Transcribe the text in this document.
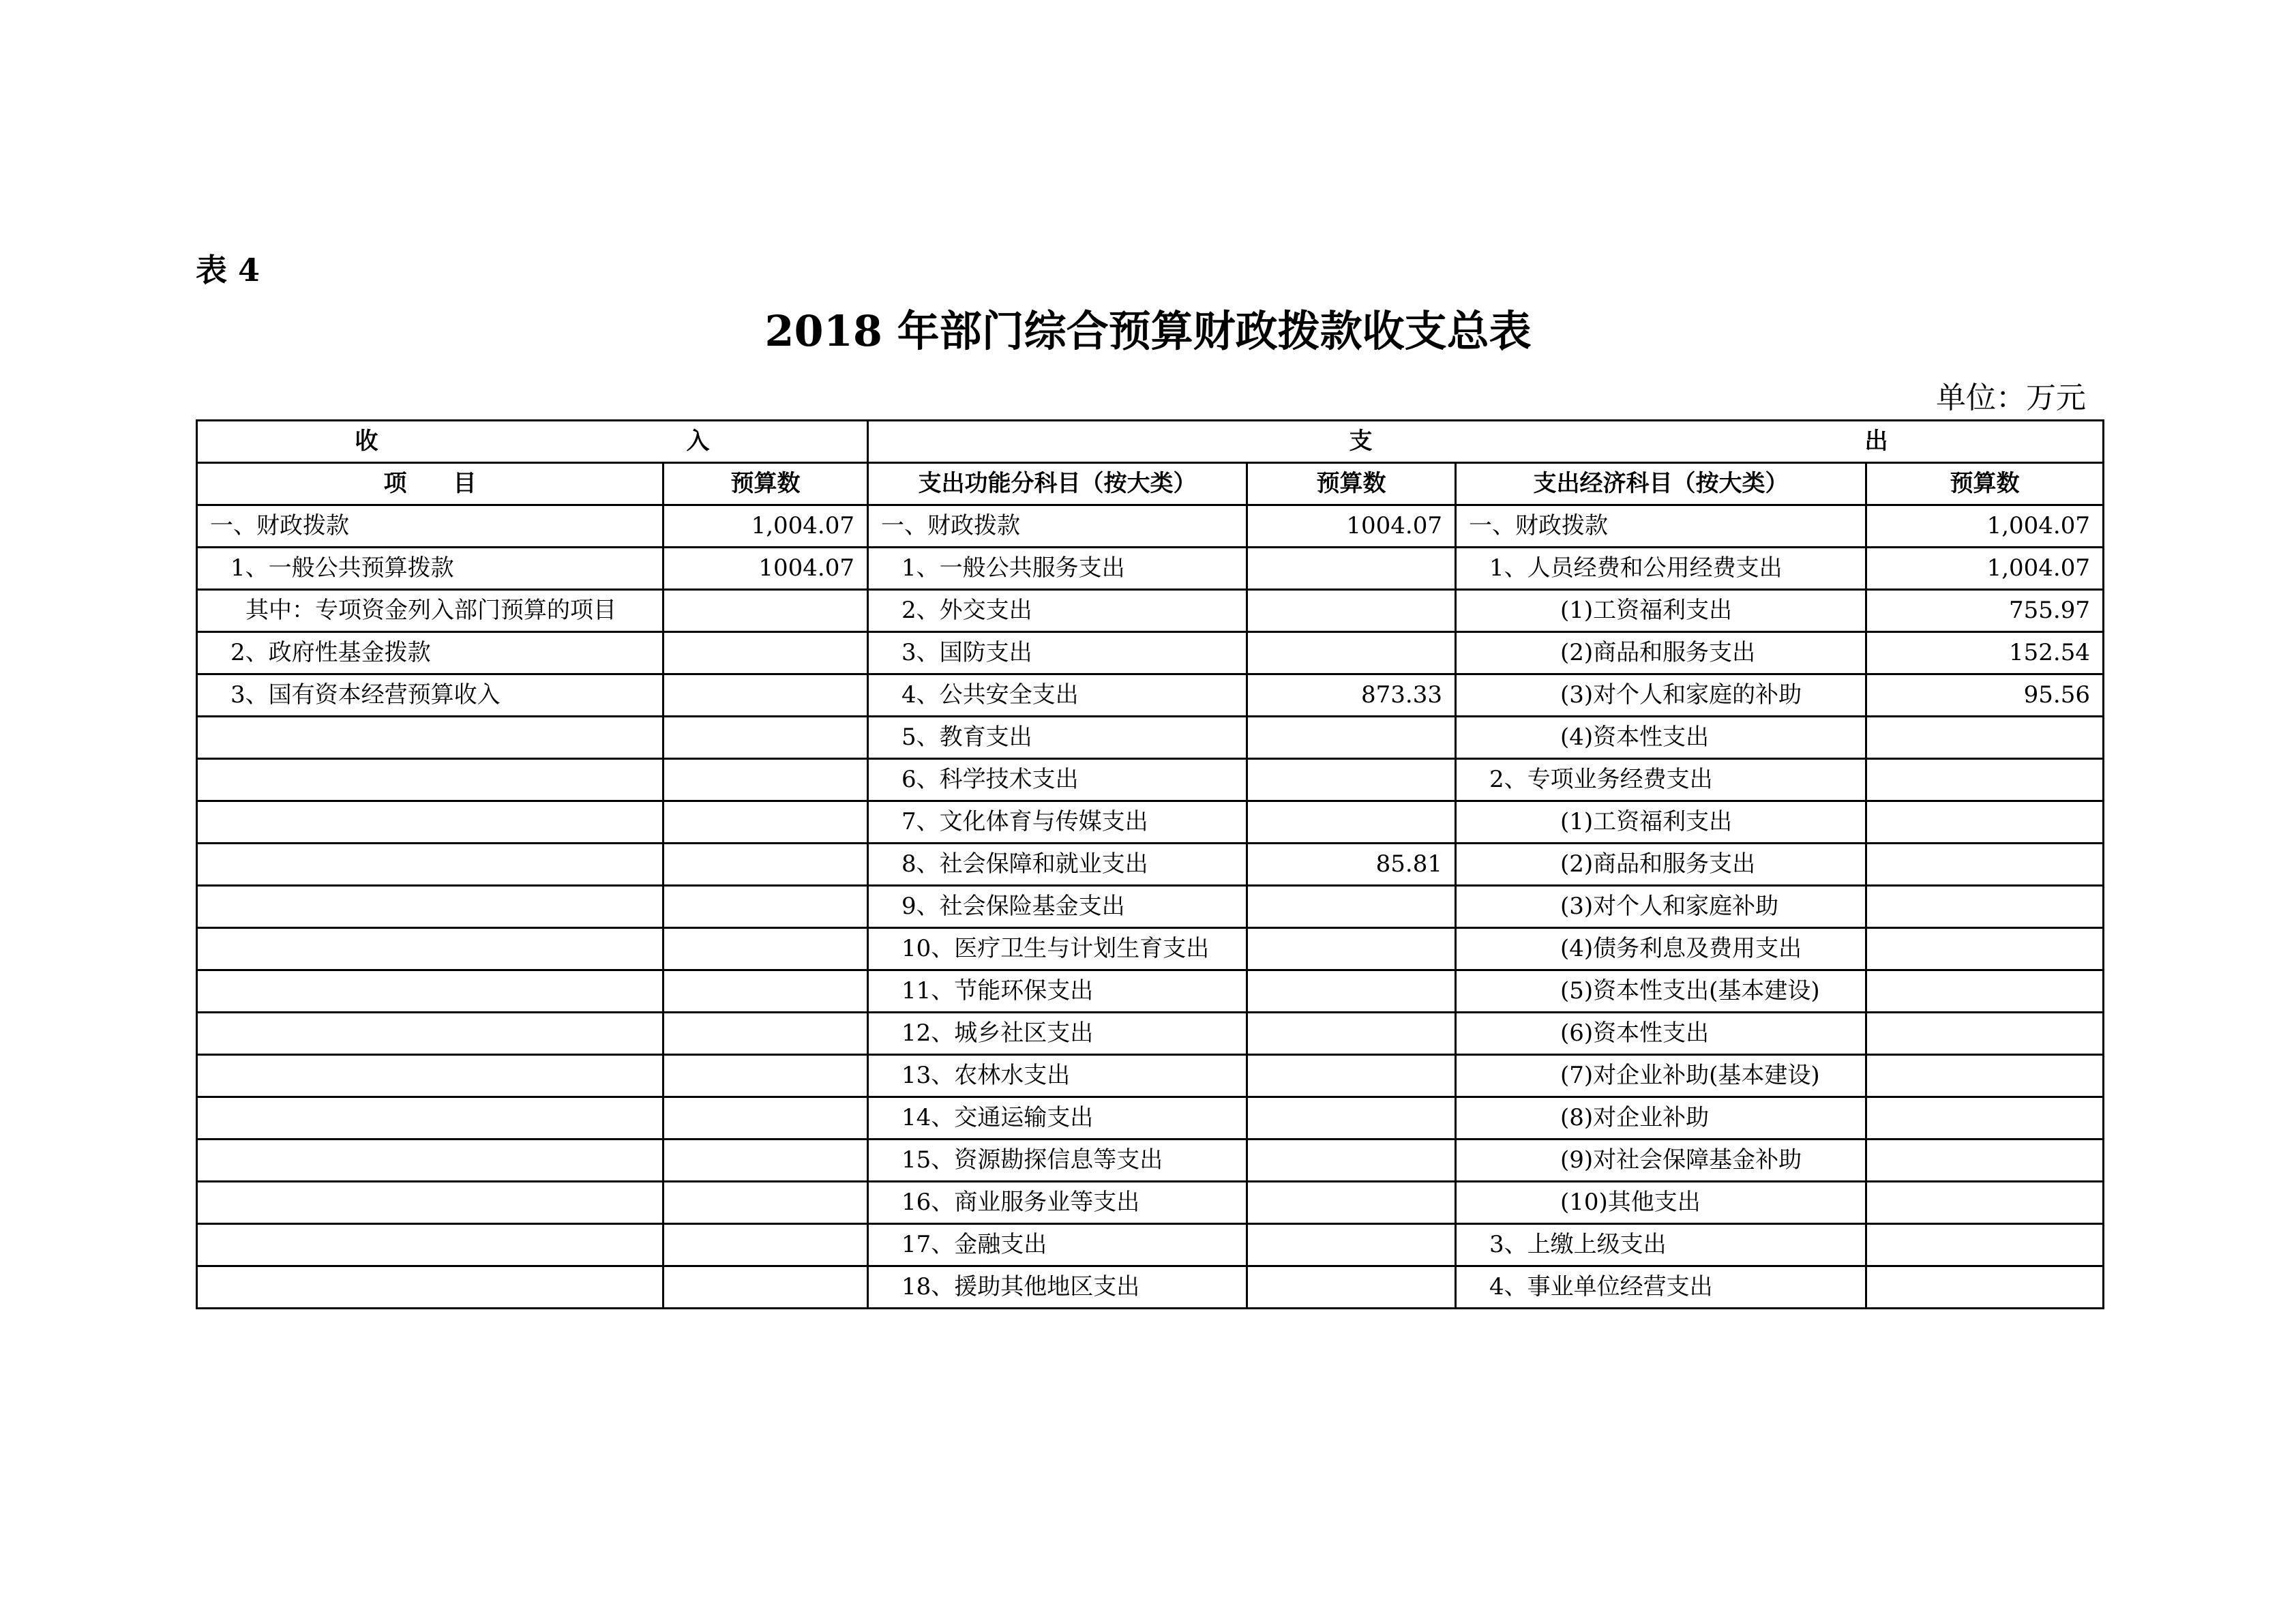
表 4
2018 年部门综合预算财政拨款收支总表
单位：万元
收 入		支 出			

项　　目	预算数	支出功能分科目（按大类）	预算数	支出经济科目（按大类）	预算数
一、财政拨款	1,004.07	一、财政拨款	1004.07	一、财政拨款	1,004.07
1、一般公共预算拨款	1004.07	1、一般公共服务支出		1、人员经费和公用经费支出	1,004.07
其中：专项资金列入部门预算的项目		2、外交支出		(1)工资福利支出	755.97
2、政府性基金拨款		3、国防支出		(2)商品和服务支出	152.54
3、国有资本经营预算收入		4、公共安全支出	873.33	(3)对个人和家庭的补助	95.56
		5、教育支出		(4)资本性支出	
		6、科学技术支出		2、专项业务经费支出	
		7、文化体育与传媒支出		(1)工资福利支出	
		8、社会保障和就业支出	85.81	(2)商品和服务支出	
		9、社会保险基金支出		(3)对个人和家庭补助	
		10、医疗卫生与计划生育支出		(4)债务利息及费用支出	
		11、节能环保支出		(5)资本性支出(基本建设)	
		12、城乡社区支出		(6)资本性支出	
		13、农林水支出		(7)对企业补助(基本建设)	
		14、交通运输支出		(8)对企业补助	
		15、资源勘探信息等支出		(9)对社会保障基金补助	
		16、商业服务业等支出		(10)其他支出	
		17、金融支出		3、上缴上级支出	
		18、援助其他地区支出		4、事业单位经营支出	
